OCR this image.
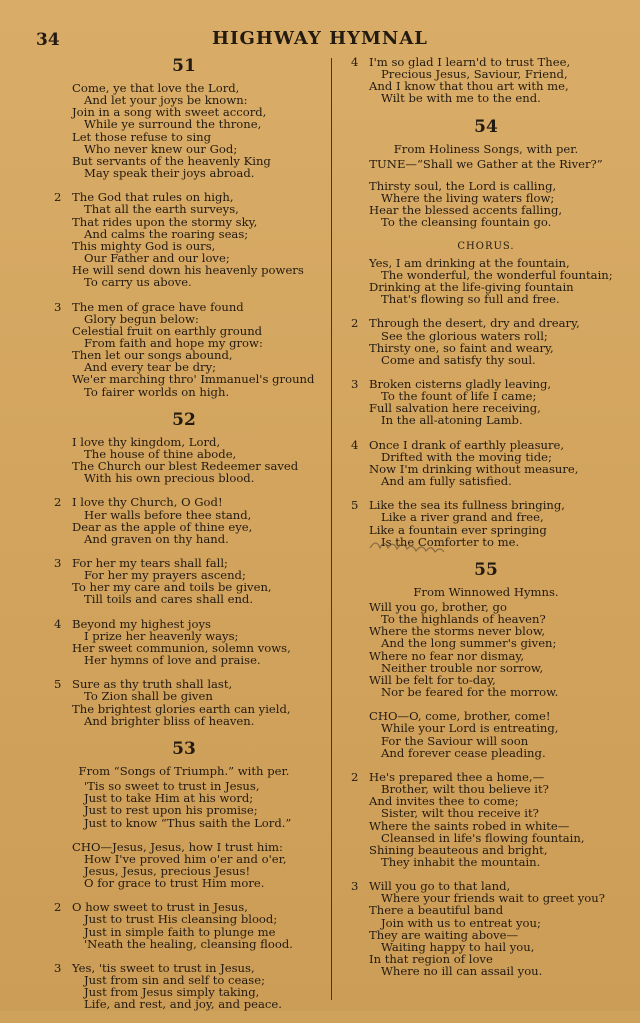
34	HIGHWAY HYMNAL
51
Come, ye that love the Lord,
And let your joys be known:
Join in a song with sweet accord,
While ye surround the throne,
Let those refuse to sing
Who never knew our God;
But servants of the heavenly King
May speak their joys abroad.
2 The God that rules on high,
That all the earth surveys,
That rides upon the stormy sky,
And calms the roaring seas;
This mighty God is ours,
Our Father and our love;
He will send down his heavenly powers
To carry us above.
3 The men of grace have found
Glory begun below:
Celestial fruit on earthly ground
From faith and hope my grow:
Then let our songs abound,
And every tear be dry;
We'er marching thro' Immanuel's ground
To fairer worlds on high.
52
I love thy kingdom, Lord,
The house of thine abode,
The Church our blest Redeemer saved
With his own precious blood.
2 I love thy Church, O God!
Her walls before thee stand,
Dear as the apple of thine eye,
And graven on thy hand.
3 For her my tears shall fall;
For her my prayers ascend;
To her my care and toils be given,
Till toils and cares shall end.
4 Beyond my highest joys
I prize her heavenly ways;
Her sweet communion, solemn vows,
Her hymns of love and praise.
5 Sure as thy truth shall last,
To Zion shall be given
The brightest glories earth can yield,
And brighter bliss of heaven.
53
From “Songs of Triumph.” with per.
'Tis so sweet to trust in Jesus,
Just to take Him at his word;
Just to rest upon his promise;
Just to know “Thus saith the Lord.”
CHO—Jesus, Jesus, how I trust him:
How I've proved him o'er and o'er,
Jesus, Jesus, precious Jesus!
O for grace to trust Him more.
2 O how sweet to trust in Jesus,
Just to trust His cleansing blood;
Just in simple faith to plunge me
'Neath the healing, cleansing flood.
3 Yes, 'tis sweet to trust in Jesus,
Just from sin and self to cease;
Just from Jesus simply taking,
Life, and rest, and joy, and peace.
4 I'm so glad I learn'd to trust Thee,
Precious Jesus, Saviour, Friend,
And I know that thou art with me,
Wilt be with me to the end.
54
From Holiness Songs, with per.
TUNE—“Shall we Gather at the River?”
Thirsty soul, the Lord is calling,
Where the living waters flow;
Hear the blessed accents falling,
To the cleansing fountain go.
CHORUS.
Yes, I am drinking at the fountain,
The wonderful, the wonderful fountain;
Drinking at the life-giving fountain
That's flowing so full and free.
2 Through the desert, dry and dreary,
See the glorious waters roll;
Thirsty one, so faint and weary,
Come and satisfy thy soul.
3 Broken cisterns gladly leaving,
To the fount of life I came;
Full salvation here receiving,
In the all-atoning Lamb.
4 Once I drank of earthly pleasure,
Drifted with the moving tide;
Now I'm drinking without measure,
And am fully satisfied.
5 Like the sea its fullness bringing,
Like a river grand and free,
Like a fountain ever springing
Is the Comforter to me.
55
From Winnowed Hymns.
Will you go, brother, go
To the highlands of heaven?
Where the storms never blow,
And the long summer's given;
Where no fear nor dismay,
Neither trouble nor sorrow,
Will be felt for to-day,
Nor be feared for the morrow.
CHO—O, come, brother, come!
While your Lord is entreating,
For the Saviour will soon
And forever cease pleading.
2 He's prepared thee a home,—
Brother, wilt thou believe it?
And invites thee to come;
Sister, wilt thou receive it?
Where the saints robed in white—
Cleansed in life's flowing fountain,
Shining beauteous and bright,
They inhabit the mountain.
3 Will you go to that land,
Where your friends wait to greet you?
There a beautiful band
Join with us to entreat you;
They are waiting above—
Waiting happy to hail you,
In that region of love
Where no ill can assail you.
